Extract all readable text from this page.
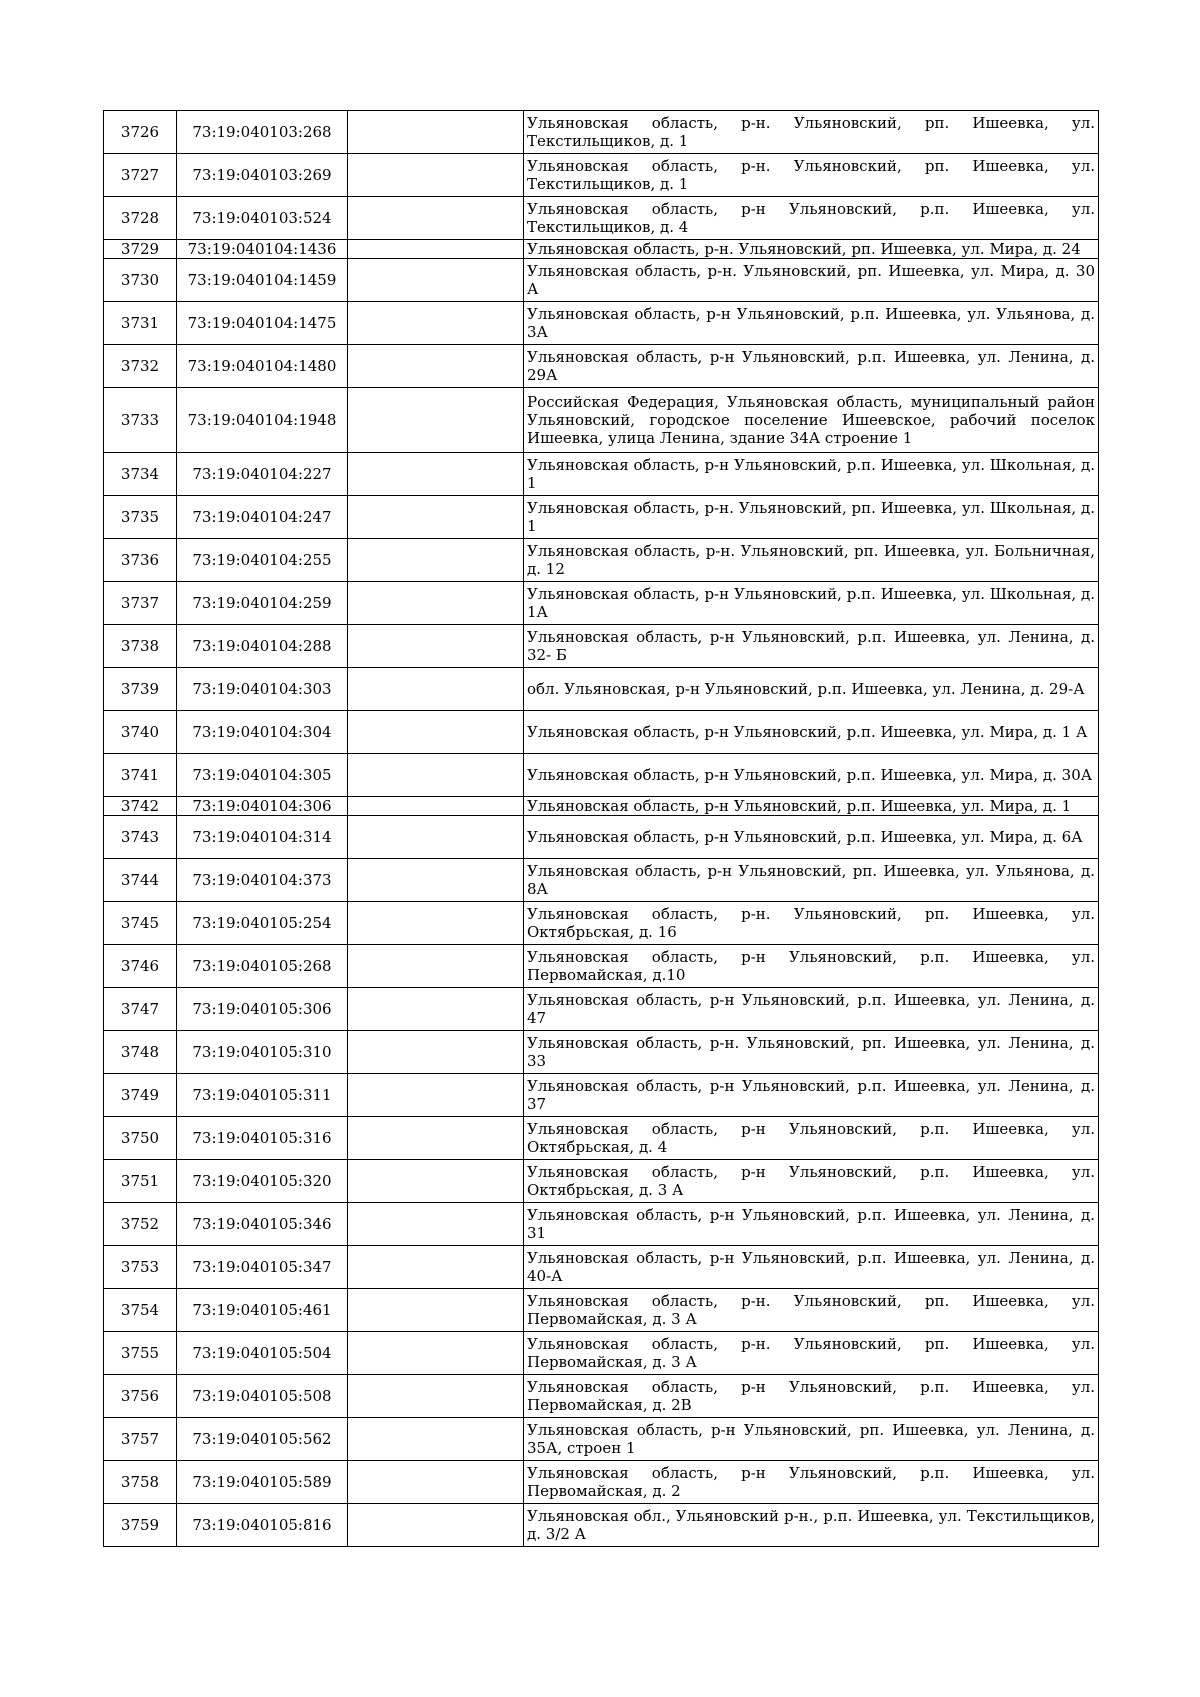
3726	73:19:040103:268		Ульяновская область, р-н. Ульяновский, рп. Ишеевка, ул. Текстильщиков, д. 1
3727	73:19:040103:269		Ульяновская область, р-н. Ульяновский, рп. Ишеевка, ул. Текстильщиков, д. 1
3728	73:19:040103:524		Ульяновская область, р-н Ульяновский, р.п. Ишеевка, ул. Текстильщиков, д. 4
3729	73:19:040104:1436		Ульяновская область, р-н. Ульяновский, рп. Ишеевка, ул. Мира, д. 24
3730	73:19:040104:1459		Ульяновская область, р-н. Ульяновский, рп. Ишеевка, ул. Мира, д. 30 А
3731	73:19:040104:1475		Ульяновская область, р-н Ульяновский, р.п. Ишеевка, ул. Ульянова, д. 3А
3732	73:19:040104:1480		Ульяновская область, р-н Ульяновский, р.п. Ишеевка, ул. Ленина, д. 29А
3733	73:19:040104:1948		Российская Федерация, Ульяновская область, муниципальный район Ульяновский, городское поселение Ишеевское, рабочий поселок Ишеевка, улица Ленина, здание 34А строение 1
3734	73:19:040104:227		Ульяновская область, р-н Ульяновский, р.п. Ишеевка, ул. Школьная, д. 1
3735	73:19:040104:247		Ульяновская область, р-н. Ульяновский, рп. Ишеевка, ул. Школьная, д. 1
3736	73:19:040104:255		Ульяновская область, р-н. Ульяновский, рп. Ишеевка, ул. Больничная, д. 12
3737	73:19:040104:259		Ульяновская область, р-н Ульяновский, р.п. Ишеевка, ул. Школьная, д. 1А
3738	73:19:040104:288		Ульяновская область, р-н Ульяновский, р.п. Ишеевка, ул. Ленина, д. 32- Б
3739	73:19:040104:303		обл. Ульяновская, р-н Ульяновский, р.п. Ишеевка, ул. Ленина, д. 29-А
3740	73:19:040104:304		Ульяновская область, р-н Ульяновский, р.п. Ишеевка, ул. Мира, д. 1 А
3741	73:19:040104:305		Ульяновская область, р-н Ульяновский, р.п. Ишеевка, ул. Мира, д. 30А
3742	73:19:040104:306		Ульяновская область, р-н Ульяновский, р.п. Ишеевка, ул. Мира, д. 1
3743	73:19:040104:314		Ульяновская область, р-н Ульяновский, р.п. Ишеевка, ул. Мира, д. 6А
3744	73:19:040104:373		Ульяновская область, р-н Ульяновский, рп. Ишеевка, ул. Ульянова, д. 8А
3745	73:19:040105:254		Ульяновская область, р-н. Ульяновский, рп. Ишеевка, ул. Октябрьская, д. 16
3746	73:19:040105:268		Ульяновская область, р-н Ульяновский, р.п. Ишеевка, ул. Первомайская, д.10
3747	73:19:040105:306		Ульяновская область, р-н Ульяновский, р.п. Ишеевка, ул. Ленина, д. 47
3748	73:19:040105:310		Ульяновская область, р-н. Ульяновский, рп. Ишеевка, ул. Ленина, д. 33
3749	73:19:040105:311		Ульяновская область, р-н Ульяновский, р.п. Ишеевка, ул. Ленина, д. 37
3750	73:19:040105:316		Ульяновская область, р-н Ульяновский, р.п. Ишеевка, ул. Октябрьская, д. 4
3751	73:19:040105:320		Ульяновская область, р-н Ульяновский, р.п. Ишеевка, ул. Октябрьская, д. 3 А
3752	73:19:040105:346		Ульяновская область, р-н Ульяновский, р.п. Ишеевка, ул. Ленина, д. 31
3753	73:19:040105:347		Ульяновская область, р-н Ульяновский, р.п. Ишеевка, ул. Ленина, д. 40-А
3754	73:19:040105:461		Ульяновская область, р-н. Ульяновский, рп. Ишеевка, ул. Первомайская, д. 3 А
3755	73:19:040105:504		Ульяновская область, р-н. Ульяновский, рп. Ишеевка, ул. Первомайская, д. 3 А
3756	73:19:040105:508		Ульяновская область, р-н Ульяновский, р.п. Ишеевка, ул. Первомайская, д. 2В
3757	73:19:040105:562		Ульяновская область, р-н Ульяновский, рп. Ишеевка, ул. Ленина, д. 35А, строен 1
3758	73:19:040105:589		Ульяновская область, р-н Ульяновский, р.п. Ишеевка, ул. Первомайская, д. 2
3759	73:19:040105:816		Ульяновская обл., Ульяновский р-н., р.п. Ишеевка, ул. Текстильщиков, д. 3/2 А
